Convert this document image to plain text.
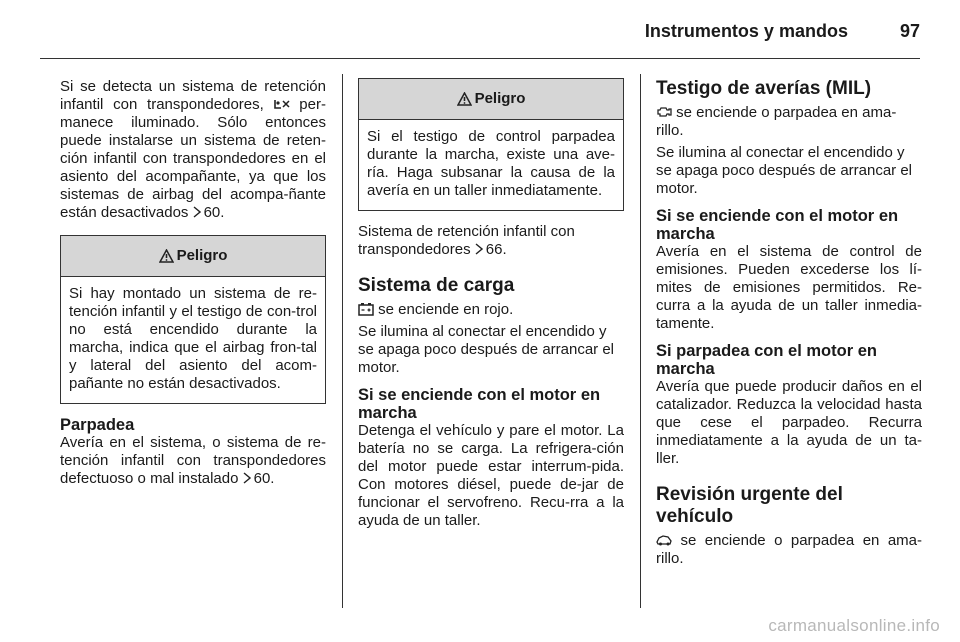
Instrumentos y mandos	97

Si se detecta un sistema de retención infantil con transpondedores, per-manece iluminado. Sólo entonces puede instalarse un sistema de reten-ción infantil con transpondedores en el asiento del acompañante, ya que los sistemas de airbag del acompa-ñante están desactivados 60.

Peligro

Si hay montado un sistema de re-tención infantil y el testigo de con-trol no está encendido durante la marcha, indica que el airbag fron-tal y lateral del asiento del acom-pañante no están desactivados.

Parpadea

Avería en el sistema, o sistema de re-tención infantil con transpondedores defectuoso o mal instalado 60.

Peligro

Si el testigo de control parpadea durante la marcha, existe una ave-ría. Haga subsanar la causa de la avería en un taller inmediatamente.

Sistema de retención infantil con transpondedores 66.

Sistema de carga

se enciende en rojo.

Se ilumina al conectar el encendido y se apaga poco después de arrancar el motor.

Si se enciende con el motor en marcha

Detenga el vehículo y pare el motor. La batería no se carga. La refrigera-ción del motor puede estar interrum-pida. Con motores diésel, puede de-jar de funcionar el servofreno. Recu-rra a la ayuda de un taller.

Testigo de averías (MIL)

se enciende o parpadea en ama-rillo.

Se ilumina al conectar el encendido y se apaga poco después de arrancar el motor.

Si se enciende con el motor en marcha

Avería en el sistema de control de emisiones. Pueden excederse los lí-mites de emisiones permitidos. Re-curra a la ayuda de un taller inmedia-tamente.

Si parpadea con el motor en marcha

Avería que puede producir daños en el catalizador. Reduzca la velocidad hasta que cese el parpadeo. Recurra inmediatamente a la ayuda de un ta-ller.

Revisión urgente del vehículo

se enciende o parpadea en ama-rillo.

carmanualsonline.info
